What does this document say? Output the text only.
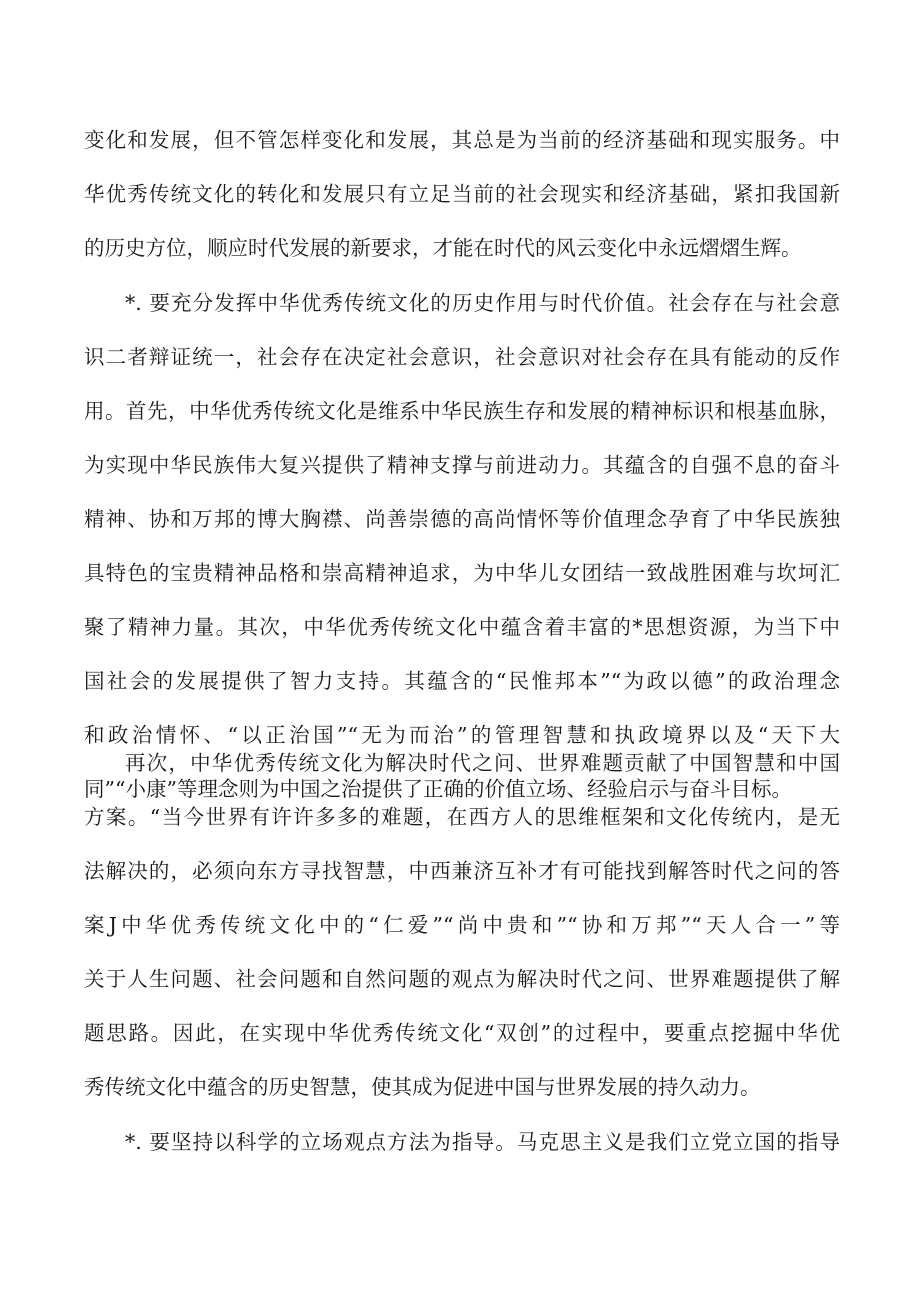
变化和发展，但不管怎样变化和发展，其总是为当前的经济基础和现实服务。中
华优秀传统文化的转化和发展只有立足当前的社会现实和经济基础，紧扣我国新
的历史方位，顺应时代发展的新要求，才能在时代的风云变化中永远熠熠生辉。
*. 要充分发挥中华优秀传统文化的历史作用与时代价值。社会存在与社会意
识二者辩证统一，社会存在决定社会意识，社会意识对社会存在具有能动的反作
用。首先，中华优秀传统文化是维系中华民族生存和发展的精神标识和根基血脉，
为实现中华民族伟大复兴提供了精神支撑与前进动力。其蕴含的自强不息的奋斗
精神、协和万邦的博大胸襟、尚善崇德的高尚情怀等价值理念孕育了中华民族独
具特色的宝贵精神品格和崇高精神追求，为中华儿女团结一致战胜困难与坎坷汇
聚了精神力量。其次，中华优秀传统文化中蕴含着丰富的*思想资源，为当下中
国社会的发展提供了智力支持。其蕴含的“民惟邦本”“为政以德”的政治理念
和政治情怀、“以正治国”“无为而治”的管理智慧和执政境界以及“天下大
同”“小康”等理念则为中国之治提供了正确的价值立场、经验启示与奋斗目标。
再次，中华优秀传统文化为解决时代之问、世界难题贡献了中国智慧和中国
方案。“当今世界有许许多多的难题，在西方人的思维框架和文化传统内，是无
法解决的，必须向东方寻找智慧，中西兼济互补才有可能找到解答时代之问的答
案J中华优秀传统文化中的“仁爱”“尚中贵和”“协和万邦”“天人合一”等
关于人生问题、社会问题和自然问题的观点为解决时代之问、世界难题提供了解
题思路。因此，在实现中华优秀传统文化“双创”的过程中，要重点挖掘中华优
秀传统文化中蕴含的历史智慧，使其成为促进中国与世界发展的持久动力。
*. 要坚持以科学的立场观点方法为指导。马克思主义是我们立党立国的指导
